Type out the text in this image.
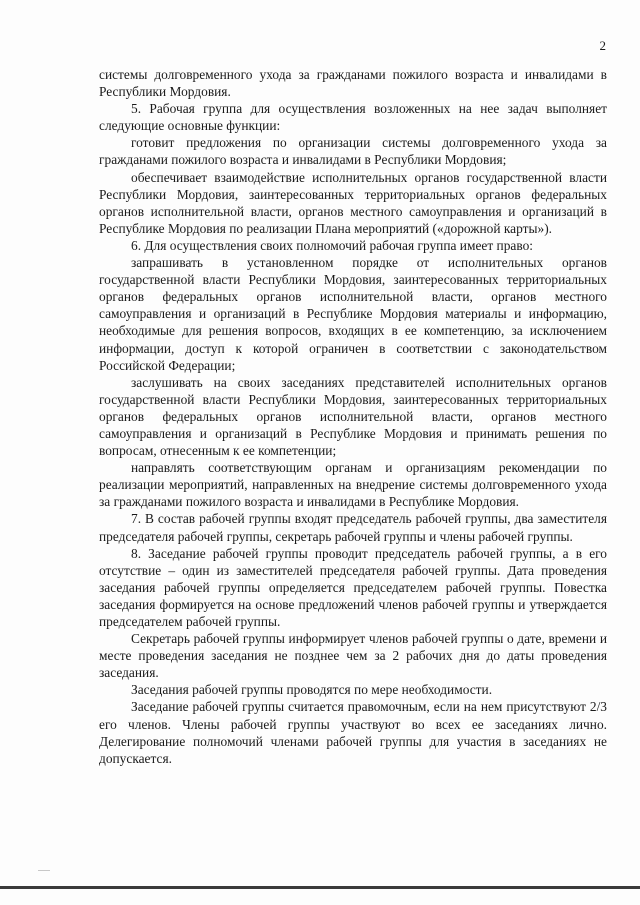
2

системы долговременного ухода за гражданами пожилого возраста и инвалидами в Республики Мордовия.

5. Рабочая группа для осуществления возложенных на нее задач выполняет следующие основные функции:

готовит предложения по организации системы долговременного ухода за гражданами пожилого возраста и инвалидами в Республики Мордовия;

обеспечивает взаимодействие исполнительных органов государственной власти Республики Мордовия, заинтересованных территориальных органов федеральных органов исполнительной власти, органов местного самоуправления и организаций в Республике Мордовия по реализации Плана мероприятий («дорожной карты»).

6. Для осуществления своих полномочий рабочая группа имеет право:

запрашивать в установленном порядке от исполнительных органов государственной власти Республики Мордовия, заинтересованных территориальных органов федеральных органов исполнительной власти, органов местного самоуправления и организаций в Республике Мордовия материалы и информацию, необходимые для решения вопросов, входящих в ее компетенцию, за исключением информации, доступ к которой ограничен в соответствии с законодательством Российской Федерации;

заслушивать на своих заседаниях представителей исполнительных органов государственной власти Республики Мордовия, заинтересованных территориальных органов федеральных органов исполнительной власти, органов местного самоуправления и организаций в Республике Мордовия и принимать решения по вопросам, отнесенным к ее компетенции;

направлять соответствующим органам и организациям рекомендации по реализации мероприятий, направленных на внедрение системы долговременного ухода за гражданами пожилого возраста и инвалидами в Республике Мордовия.

7. В состав рабочей группы входят председатель рабочей группы, два заместителя председателя рабочей группы, секретарь рабочей группы и члены рабочей группы.

8. Заседание рабочей группы проводит председатель рабочей группы, а в его отсутствие – один из заместителей председателя рабочей группы. Дата проведения заседания рабочей группы определяется председателем рабочей группы. Повестка заседания формируется на основе предложений членов рабочей группы и утверждается председателем рабочей группы.

Секретарь рабочей группы информирует членов рабочей группы о дате, времени и месте проведения заседания не позднее чем за 2 рабочих дня до даты проведения заседания.

Заседания рабочей группы проводятся по мере необходимости.

Заседание рабочей группы считается правомочным, если на нем присутствуют 2/3 его членов. Члены рабочей группы участвуют во всех ее заседаниях лично. Делегирование полномочий членами рабочей группы для участия в заседаниях не допускается.
